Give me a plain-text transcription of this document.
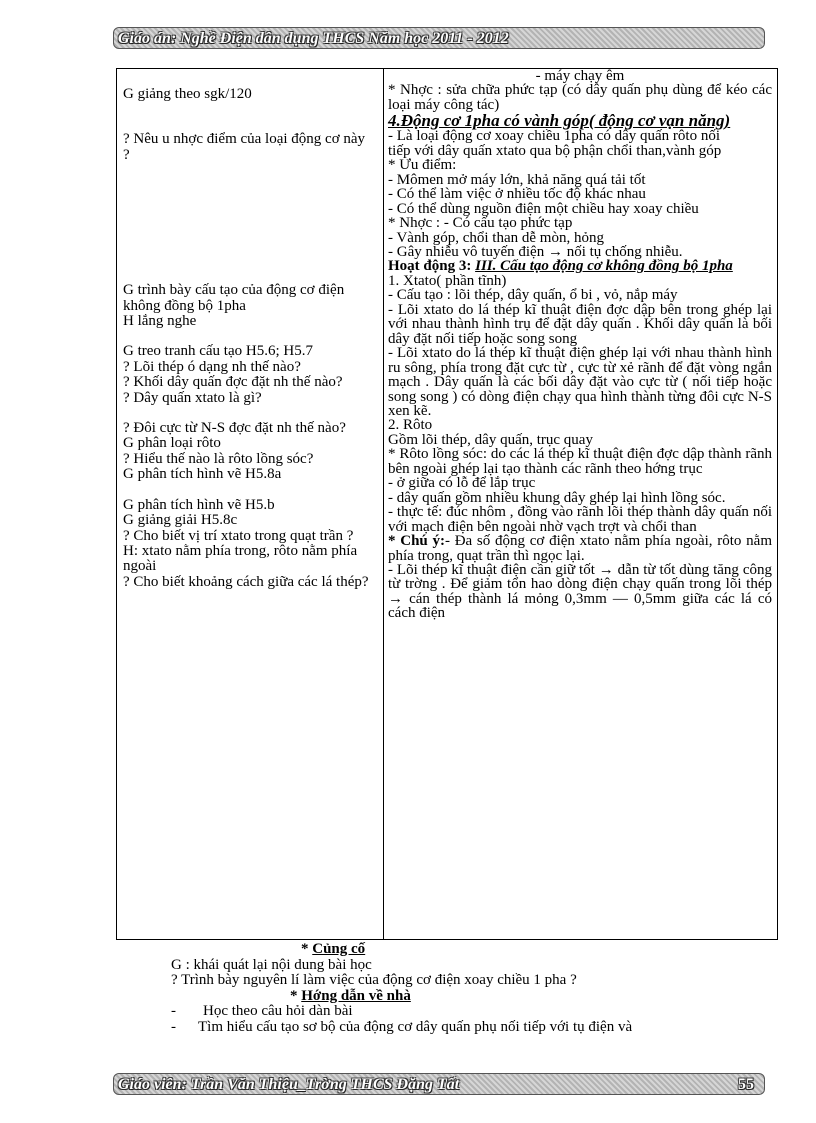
Giáo án: Nghề Điện dân dụng THCS Năm học 2011 - 2012

G giảng theo sgk/120

? Nêu u nhợc điểm của loại động cơ này ?

G trình bày cấu tạo của động cơ điện không đồng bộ 1pha

H lắng nghe

G treo tranh cấu tạo H5.6; H5.7

? Lõi thép ó dạng nh thế nào?

? Khối dây quấn đợc đặt nh thế nào?

? Dây quấn xtato là gì?

? Đôi cực từ N-S đợc đặt nh thế nào?

G phân loại rôto

? Hiểu thế nào là rôto lồng sóc?

G phân tích hình vẽ H5.8a

G phân tích hình vẽ H5.b

G giảng giải H5.8c

? Cho biết vị trí xtato trong quạt trần ?

H: xtato nằm phía trong, rôto nằm phía ngoài

? Cho biết khoảng cách giữa các lá thép?

- máy chạy êm

* Nhợc : sửa chữa phức tạp (có dây quấn phụ dùng để kéo các loại máy công tác)

4.Động cơ 1pha có vành góp( động cơ vạn năng)

- Là loại động cơ xoay chiều 1pha có dây quấn rôto nối

tiếp với dây quấn xtato qua bộ phận chổi than,vành góp

* Ưu điểm:

- Mômen mở máy lớn, khả năng quá tải tốt

- Có thể làm việc ở nhiều tốc độ khác nhau

- Có thể dùng nguồn điện một chiều hay xoay chiều

* Nhợc : - Có cấu tạo phức tạp

- Vành góp, chổi than dễ mòn, hỏng

- Gây nhiễu vô tuyến điện → nối tụ chống nhiễu.

Hoạt động 3: III. Cấu tạo động cơ không đồng bộ 1pha

1. Xtato( phần tĩnh)

- Cấu tạo : lõi thép, dây quấn, ổ bi , vỏ, nắp máy

- Lõi xtato do lá thép kĩ thuật điện đợc dập bên trong ghép lại với nhau thành hình trụ để đặt dây quấn . Khối dây quấn là bối dây đặt nối tiếp hoặc song song

- Lõi xtato do lá thép kĩ thuật điện ghép lại với nhau thành hình ru sông, phía trong đặt cực từ , cực từ xẻ rãnh để đặt vòng ngắn mạch . Dây quấn là các bối dây đặt vào cực từ ( nối tiếp hoặc song song ) có dòng điện chạy qua hình thành từng đôi cực N-S xen kẽ.

2. Rôto

Gồm lõi thép, dây quấn, trục quay

* Rôto lồng sóc: do các lá thép kĩ thuật điện đợc dập thành rãnh bên ngoài ghép lại tạo thành các rãnh theo hớng trục

- ở giữa có lỗ để lắp trục

- dây quấn gồm nhiều khung dây ghép lại hình lồng sóc.

- thực tế: đúc nhôm , đồng vào rãnh lõi thép thành dây quấn nối với mạch điện bên ngoài nhờ vạch trợt và chổi than

* Chú ý:- Đa số động cơ điện xtato nằm phía ngoài, rôto nằm phía trong, quạt trần thì ngọc lại.

- Lõi thép kĩ thuật điện cần giữ tốt → dẫn từ tốt dùng tăng công từ trờng . Để giảm tổn hao dòng điện chạy quấn trong lõi thép → cán thép thành lá mỏng 0,3mm — 0,5mm giữa các lá có cách điện

* Củng cố

G : khái quát lại nội dung bài học

? Trình bày nguyên lí làm việc của động cơ điện xoay chiều 1 pha ?

* Hớng dẫn về nhà

- Học theo câu hỏi dàn bài

- Tìm hiểu cấu tạo sơ bộ của động cơ dây quấn phụ nối tiếp với tụ điện và

Giáo viên: Trần Văn Thiệu_Trờng THCS Đặng Tất	55
